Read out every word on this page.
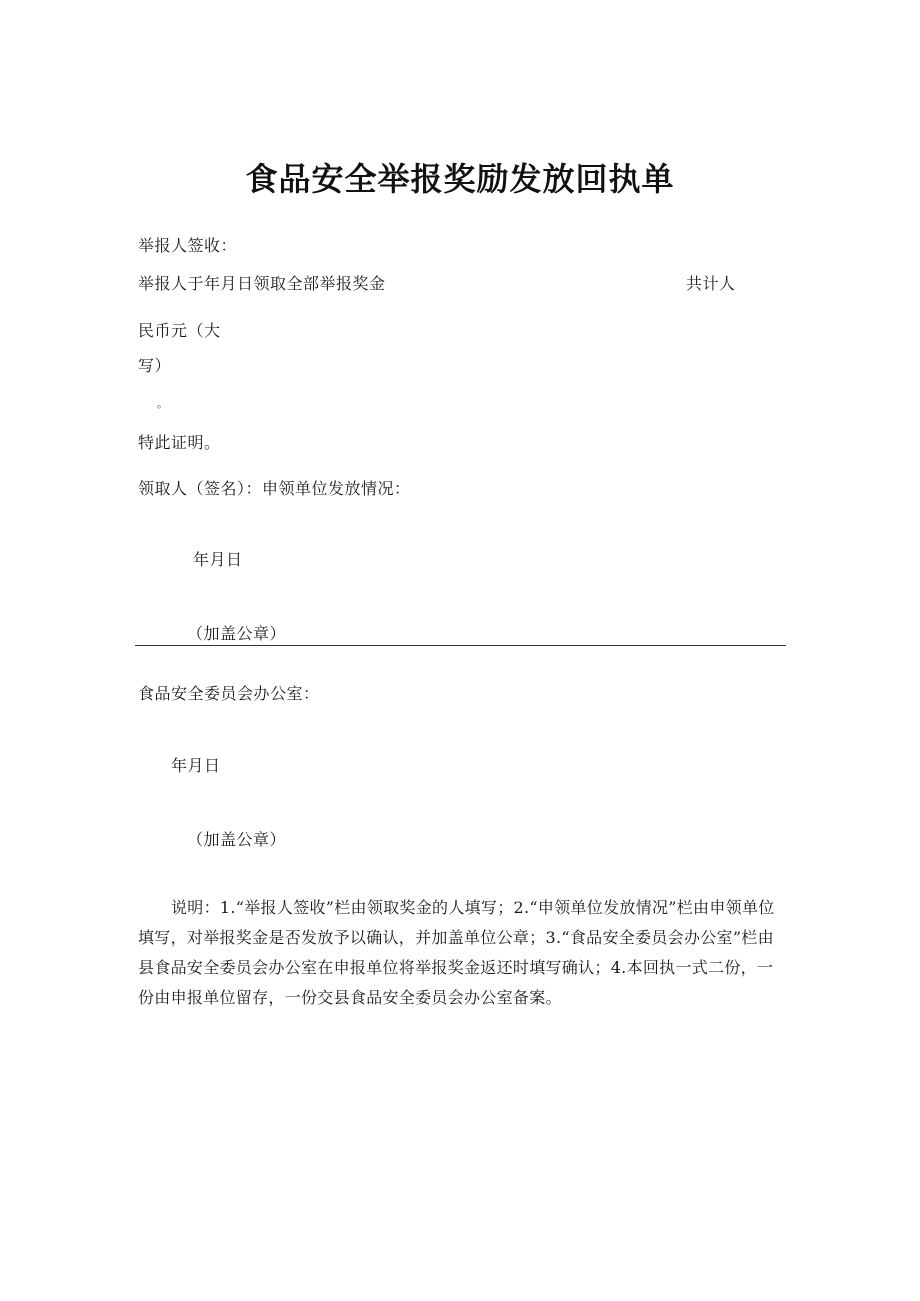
食品安全举报奖励发放回执单
举报人签收：
举报人于年月日领取全部举报奖金	共计人
民币元（大
写）
。
特此证明。
领取人（签名）：申领单位发放情况：
年月日
（加盖公章）
食品安全委员会办公室：
年月日
（加盖公章）
说明：1.“举报人签收”栏由领取奖金的人填写；2.“申领单位发放情况”栏由申领单位填写，对举报奖金是否发放予以确认，并加盖单位公章；3.“食品安全委员会办公室”栏由县食品安全委员会办公室在申报单位将举报奖金返还时填写确认；4.本回执一式二份，一份由申报单位留存，一份交县食品安全委员会办公室备案。
